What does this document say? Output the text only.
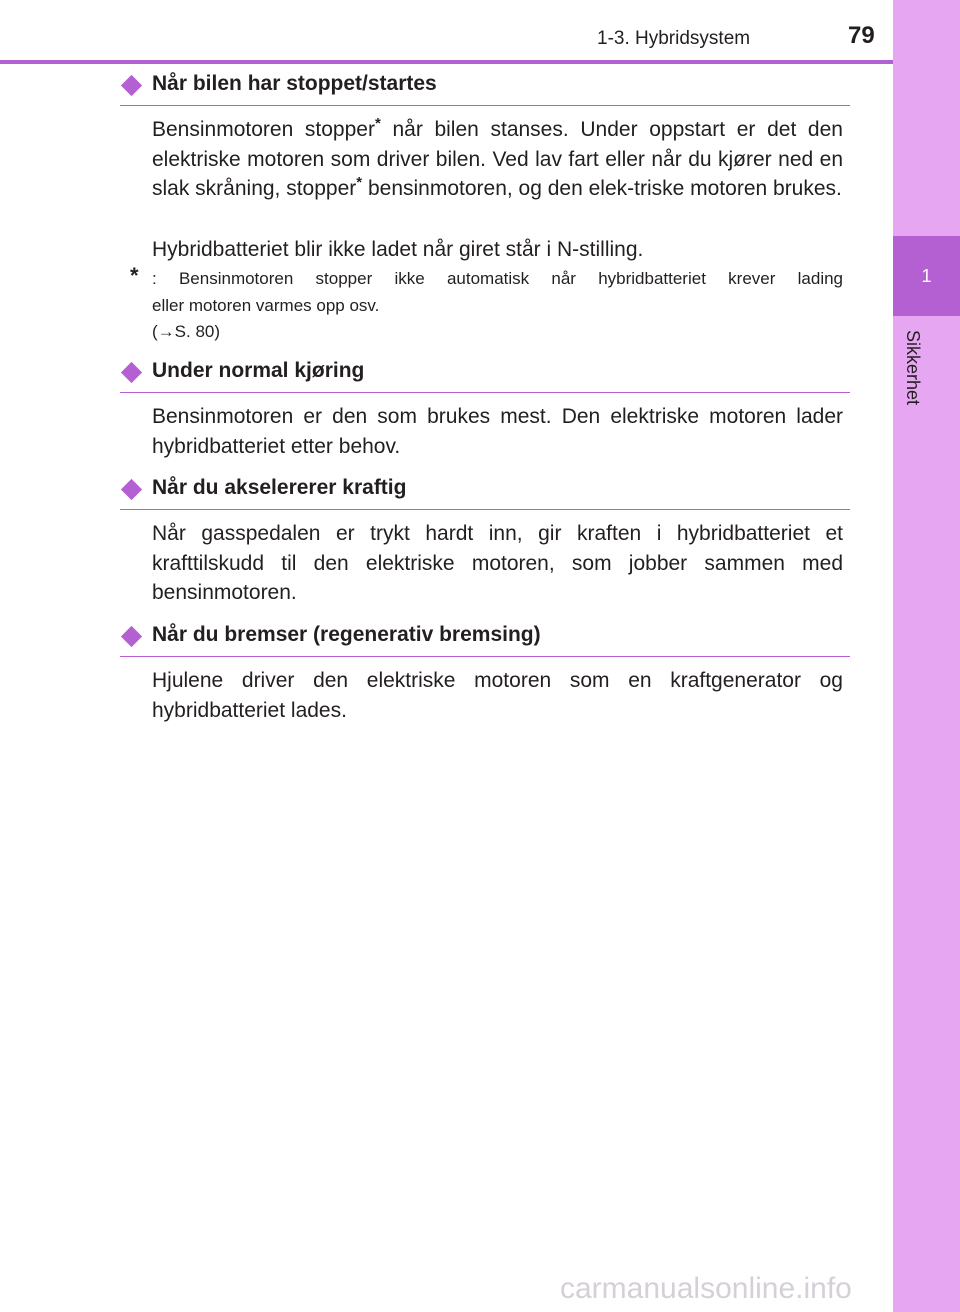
1-3. Hybridsystem	79
1
Sikkerhet
Når bilen har stoppet/startes

Bensinmotoren stopper* når bilen stanses. Under oppstart er det den elektriske motoren som driver bilen. Ved lav fart eller når du kjører ned en slak skråning, stopper* bensinmotoren, og den elek-triske motoren brukes.

Hybridbatteriet blir ikke ladet når giret står i N-stilling.

* : Bensinmotoren stopper ikke automatisk når hybridbatteriet krever lading
eller motoren varmes opp osv.
(→S. 80)
Under normal kjøring

Bensinmotoren er den som brukes mest. Den elektriske motoren lader hybridbatteriet etter behov.

Når du akselererer kraftig

Når gasspedalen er trykt hardt inn, gir kraften i hybridbatteriet et krafttilskudd til den elektriske motoren, som jobber sammen med bensinmotoren.

Når du bremser (regenerativ bremsing)

Hjulene driver den elektriske motoren som en kraftgenerator og hybridbatteriet lades.

carmanualsonline.info
